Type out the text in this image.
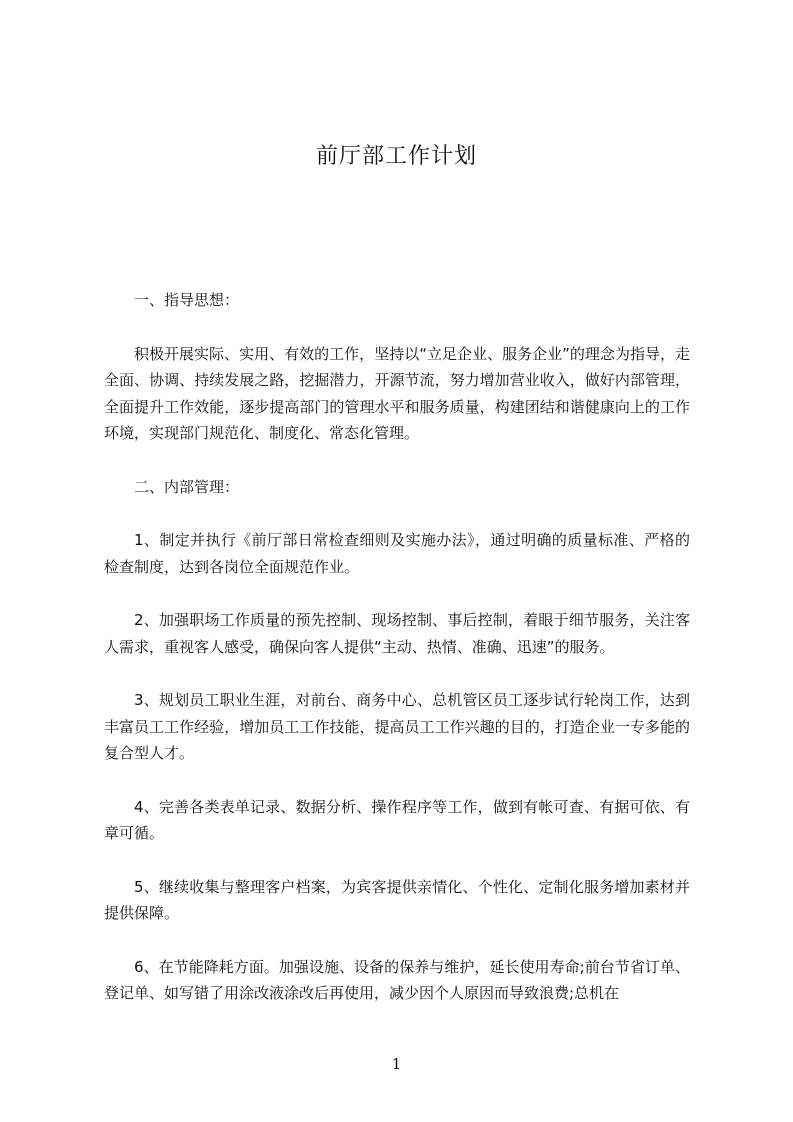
前厅部工作计划

一、指导思想：

积极开展实际、实用、有效的工作，坚持以“立足企业、服务企业”的理念为指导，走全面、协调、持续发展之路，挖掘潜力，开源节流，努力增加营业收入，做好内部管理，全面提升工作效能，逐步提高部门的管理水平和服务质量，构建团结和谐健康向上的工作环境，实现部门规范化、制度化、常态化管理。

二、内部管理：

1、制定并执行《前厅部日常检查细则及实施办法》，通过明确的质量标准、严格的检查制度，达到各岗位全面规范作业。

2、加强职场工作质量的预先控制、现场控制、事后控制，着眼于细节服务，关注客人需求，重视客人感受，确保向客人提供“主动、热情、准确、迅速”的服务。

3、规划员工职业生涯，对前台、商务中心、总机管区员工逐步试行轮岗工作，达到丰富员工工作经验，增加员工工作技能，提高员工工作兴趣的目的，打造企业一专多能的复合型人才。

4、完善各类表单记录、数据分析、操作程序等工作，做到有帐可查、有据可依、有章可循。

5、继续收集与整理客户档案，为宾客提供亲情化、个性化、定制化服务增加素材并提供保障。

6、在节能降耗方面。加强设施、设备的保养与维护，延长使用寿命;前台节省订单、登记单、如写错了用涂改液涂改后再使用，减少因个人原因而导致浪费;总机在

1
